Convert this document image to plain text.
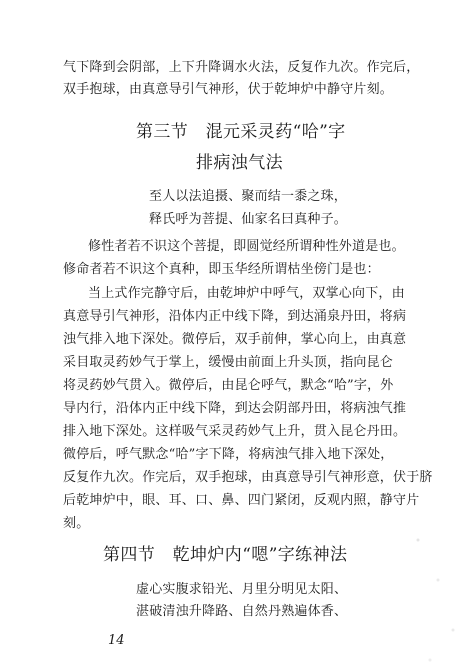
气下降到会阴部，上下升降调水火法，反复作九次。作完后，
双手抱球，由真意导引气神形，伏于乾坤炉中静守片刻。
第三节　混元采灵药“哈”字
排病浊气法
至人以法追摄、聚而结一黍之珠，
释氏呼为菩提、仙家名曰真种子。
修性者若不识这个菩提，即圆觉经所谓种性外道是也。
修命者若不识这个真种，即玉华经所谓枯坐傍门是也：
当上式作完静守后，由乾坤炉中呼气，双掌心向下，由
真意导引气神形，沿体内正中线下降，到达涌泉丹田，将病
浊气排入地下深处。微停后，双手前伸，掌心向上，由真意
采目取灵药妙气于掌上，缓慢由前面上升头顶，指向昆仑
将灵药妙气贯入。微停后，由昆仑呼气，默念“哈”字，外
导内行，沿体内正中线下降，到达会阴部丹田，将病浊气推
排入地下深处。这样吸气采灵药妙气上升，贯入昆仑丹田。
微停后，呼气默念“哈”字下降，将病浊气排入地下深处，
反复作九次。作完后，双手抱球，由真意导引气神形意，伏于脐
后乾坤炉中，眼、耳、口、鼻、四门紧闭，反观内照，静守片
刻。
第四节　乾坤炉内“嗯”字练神法
虚心实腹求铅光、月里分明见太阳、
湛破清浊升降路、自然丹熟遍体香、
14
